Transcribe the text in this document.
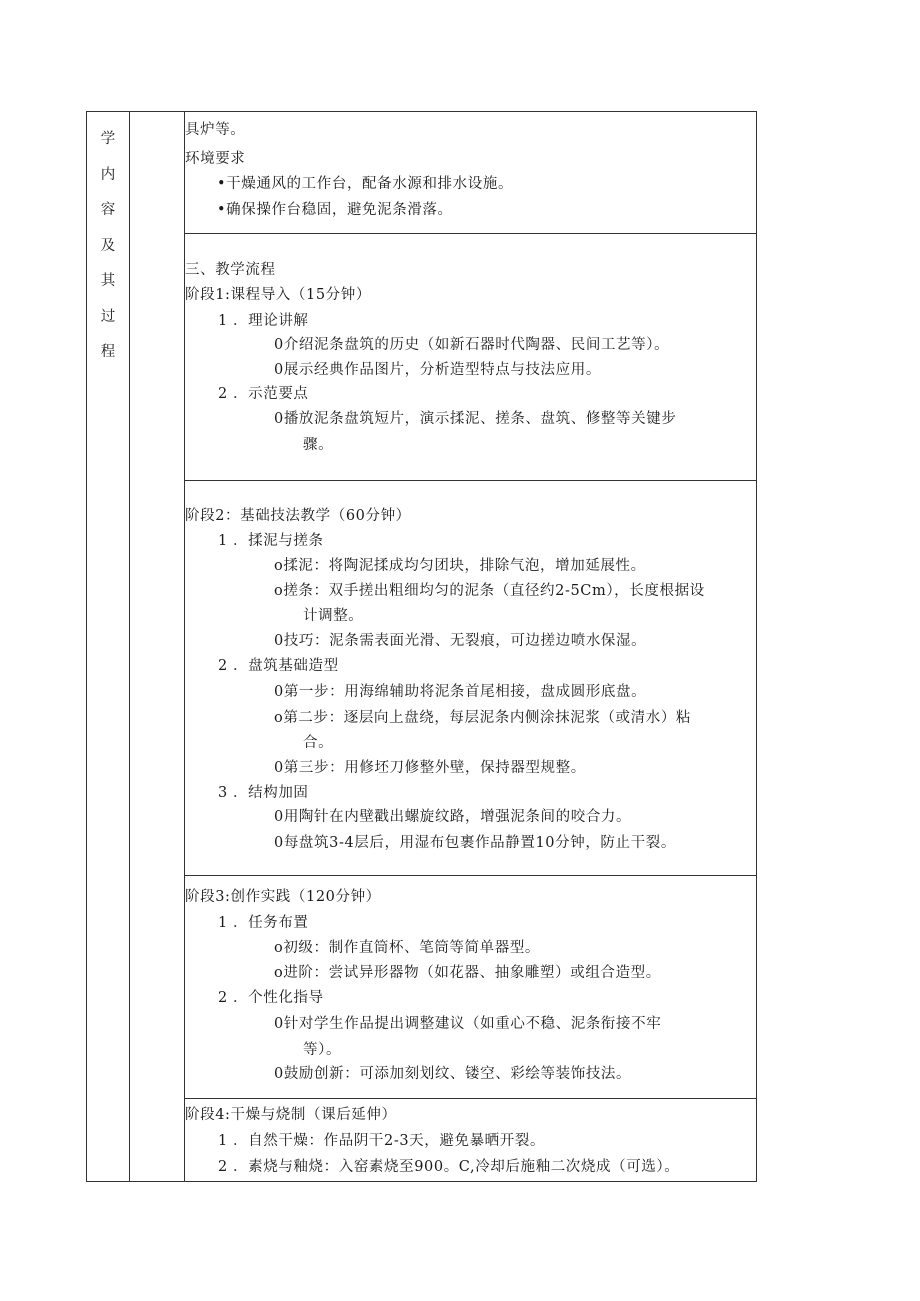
学
内
容
及
其
过
程
具炉等。
环境要求
•干燥通风的工作台，配备水源和排水设施。
•确保操作台稳固，避免泥条滑落。
三、教学流程
阶段1:课程导入（15分钟）
1 ．理论讲解
0介绍泥条盘筑的历史（如新石器时代陶器、民间工艺等）。
0展示经典作品图片，分析造型特点与技法应用。
2 ．示范要点
0播放泥条盘筑短片，演示揉泥、搓条、盘筑、修整等关键步
骤。
阶段2：基础技法教学（60分钟）
1 ．揉泥与搓条
o揉泥：将陶泥揉成均匀团块，排除气泡，增加延展性。
o搓条：双手搓出粗细均匀的泥条（直径约2-5Cm），长度根据设
计调整。
0技巧：泥条需表面光滑、无裂痕，可边搓边喷水保湿。
2 ．盘筑基础造型
0第一步：用海绵辅助将泥条首尾相接，盘成圆形底盘。
o第二步：逐层向上盘绕，每层泥条内侧涂抹泥浆（或清水）粘
合。
0第三步：用修坯刀修整外壁，保持器型规整。
3 ．结构加固
0用陶针在内壁戳出螺旋纹路，增强泥条间的咬合力。
0每盘筑3-4层后，用湿布包裹作品静置10分钟，防止干裂。
阶段3:创作实践（120分钟）
1 ．任务布置
o初级：制作直筒杯、笔筒等简单器型。
o进阶：尝试异形器物（如花器、抽象雕塑）或组合造型。
2 ．个性化指导
0针对学生作品提出调整建议（如重心不稳、泥条衔接不牢
等）。
0鼓励创新：可添加刻划纹、镂空、彩绘等装饰技法。
阶段4:干燥与烧制（课后延伸）
1 ．自然干燥：作品阴干2-3天，避免暴晒开裂。
2 ．素烧与釉烧：入窑素烧至900。C,冷却后施釉二次烧成（可选）。
